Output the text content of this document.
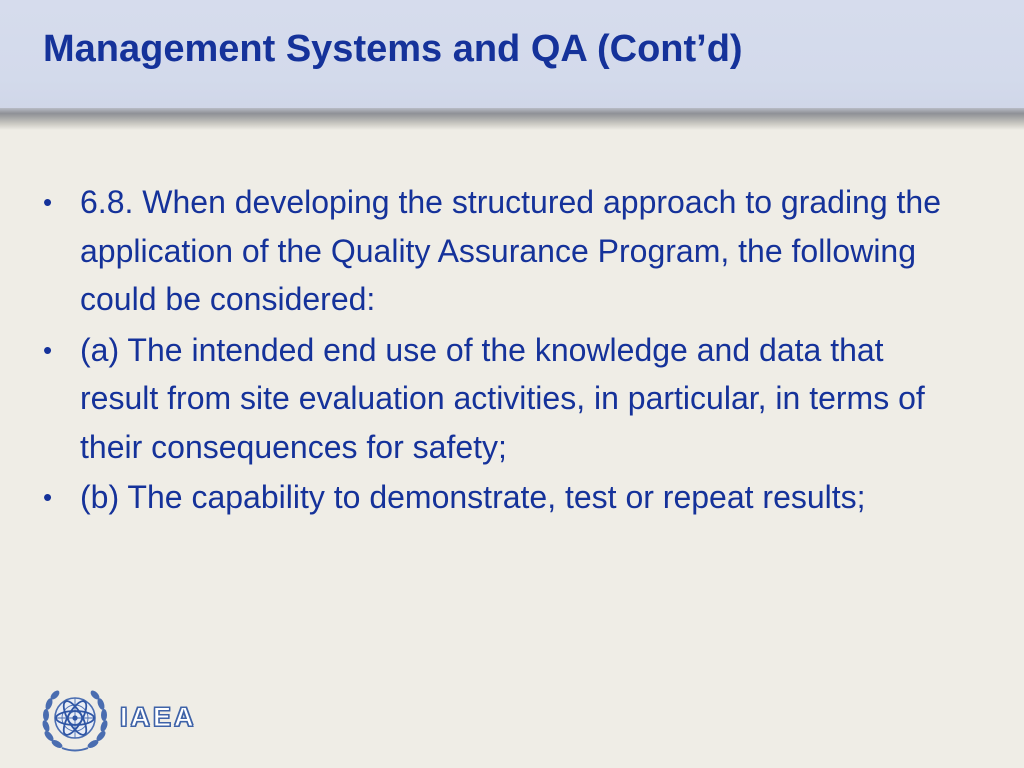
Management Systems and QA (Cont’d)
• 6.8. When developing the structured approach to grading the application of the Quality Assurance Program, the following could be considered:
• (a) The intended end use of the knowledge and data that result from site evaluation activities, in particular, in terms of their consequences for safety;
• (b) The capability to demonstrate, test or repeat results;
IAEA
